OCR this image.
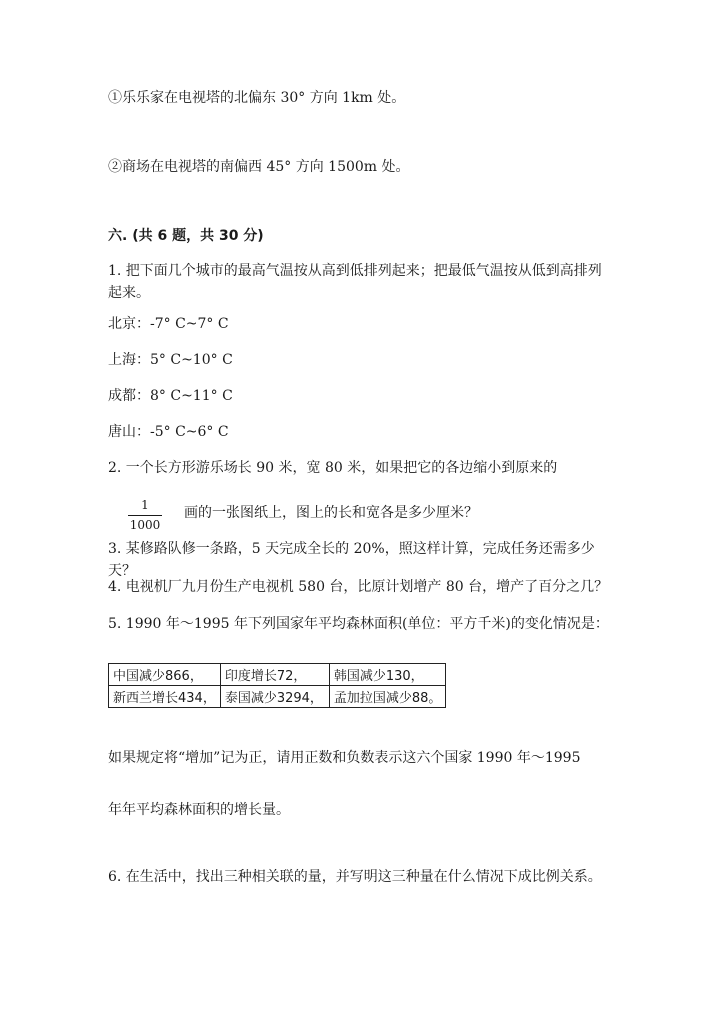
①乐乐家在电视塔的北偏东 30° 方向 1km 处。
②商场在电视塔的南偏西 45° 方向 1500m 处。
六. (共 6 题，共 30 分)
1. 把下面几个城市的最高气温按从高到低排列起来；把最低气温按从低到高排列起来。
北京：-7° C~7° C
上海：5° C~10° C
成都：8° C~11° C
唐山：-5° C~6° C
2. 一个长方形游乐场长 90 米，宽 80 米，如果把它的各边缩小到原来的
1
1000
画的一张图纸上，图上的长和宽各是多少厘米？
3. 某修路队修一条路，5 天完成全长的 20%，照这样计算，完成任务还需多少天？
4. 电视机厂九月份生产电视机 580 台，比原计划增产 80 台，增产了百分之几？
5. 1990 年～1995 年下列国家年平均森林面积(单位：平方千米)的变化情况是：
中国减少866，	印度增长72，	韩国减少130，
新西兰增长434，	泰国减少3294，	孟加拉国减少88。
如果规定将“增加”记为正，请用正数和负数表示这六个国家 1990 年～1995
年年平均森林面积的增长量。
6. 在生活中，找出三种相关联的量，并写明这三种量在什么情况下成比例关系。
